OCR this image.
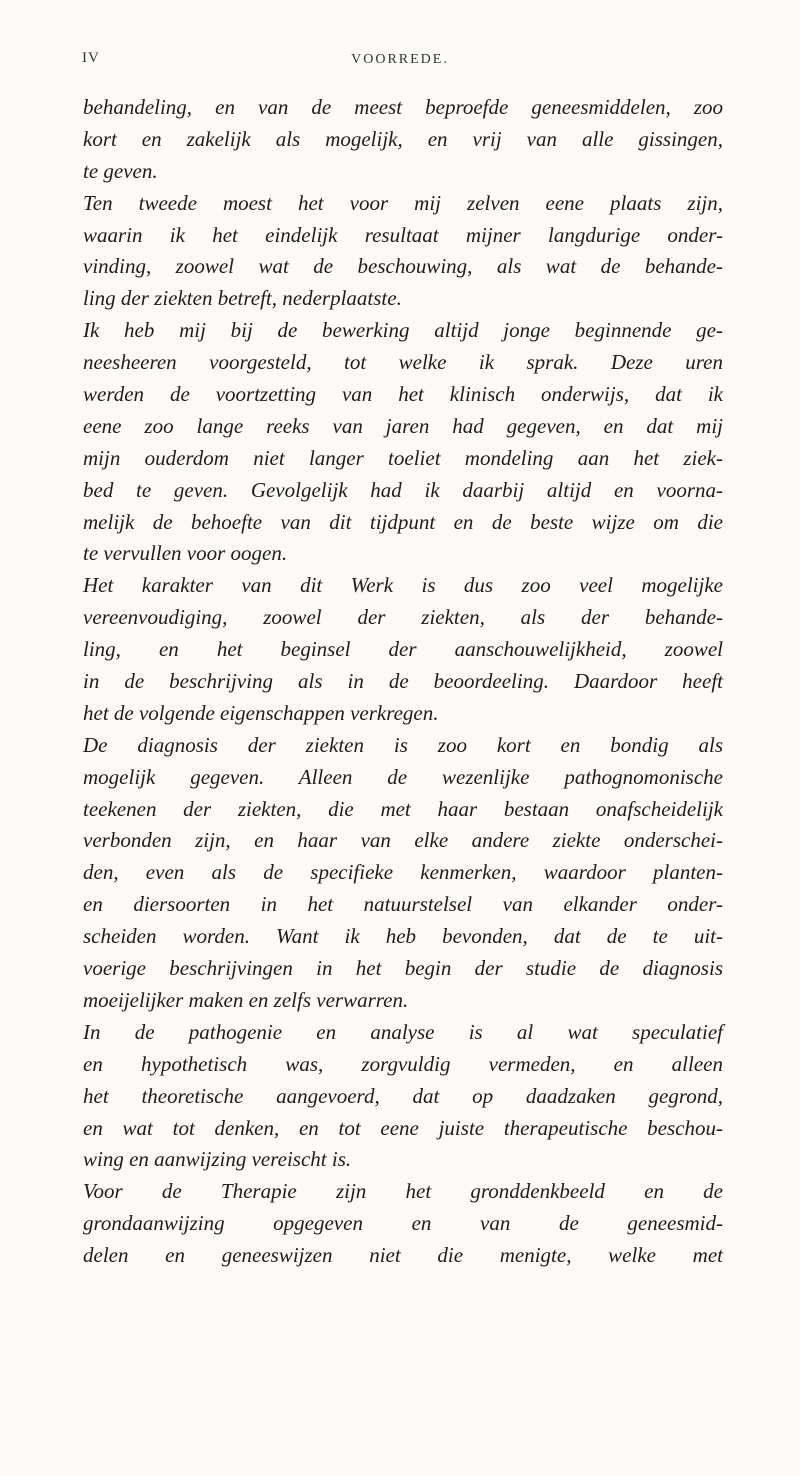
IV	VOORREDE.
behandeling, en van de meest beproefde geneesmiddelen, zoo
kort en zakelijk als mogelijk, en vrij van alle gissingen,
te geven.
Ten tweede moest het voor mij zelven eene plaats zijn,
waarin ik het eindelijk resultaat mijner langdurige onder-
vinding, zoowel wat de beschouwing, als wat de behande-
ling der ziekten betreft, nederplaatste.
Ik heb mij bij de bewerking altijd jonge beginnende ge-
neesheeren voorgesteld, tot welke ik sprak. Deze uren
werden de voortzetting van het klinisch onderwijs, dat ik
eene zoo lange reeks van jaren had gegeven, en dat mij
mijn ouderdom niet langer toeliet mondeling aan het ziek-
bed te geven. Gevolgelijk had ik daarbij altijd en voorna-
melijk de behoefte van dit tijdpunt en de beste wijze om die
te vervullen voor oogen.
Het karakter van dit Werk is dus zoo veel mogelijke
vereenvoudiging, zoowel der ziekten, als der behande-
ling, en het beginsel der aanschouwelijkheid, zoowel
in de beschrijving als in de beoordeeling. Daardoor heeft
het de volgende eigenschappen verkregen.
De diagnosis der ziekten is zoo kort en bondig als
mogelijk gegeven. Alleen de wezenlijke pathognomonische
teekenen der ziekten, die met haar bestaan onafscheidelijk
verbonden zijn, en haar van elke andere ziekte onderschei-
den, even als de specifieke kenmerken, waardoor planten-
en diersoorten in het natuurstelsel van elkander onder-
scheiden worden. Want ik heb bevonden, dat de te uit-
voerige beschrijvingen in het begin der studie de diagnosis
moeijelijker maken en zelfs verwarren.
In de pathogenie en analyse is al wat speculatief
en hypothetisch was, zorgvuldig vermeden, en alleen
het theoretische aangevoerd, dat op daadzaken gegrond,
en wat tot denken, en tot eene juiste therapeutische beschou-
wing en aanwijzing vereischt is.
Voor de Therapie zijn het gronddenkbeeld en de
grondaanwijzing opgegeven en van de geneesmid-
delen en geneeswijzen niet die menigte, welke met
